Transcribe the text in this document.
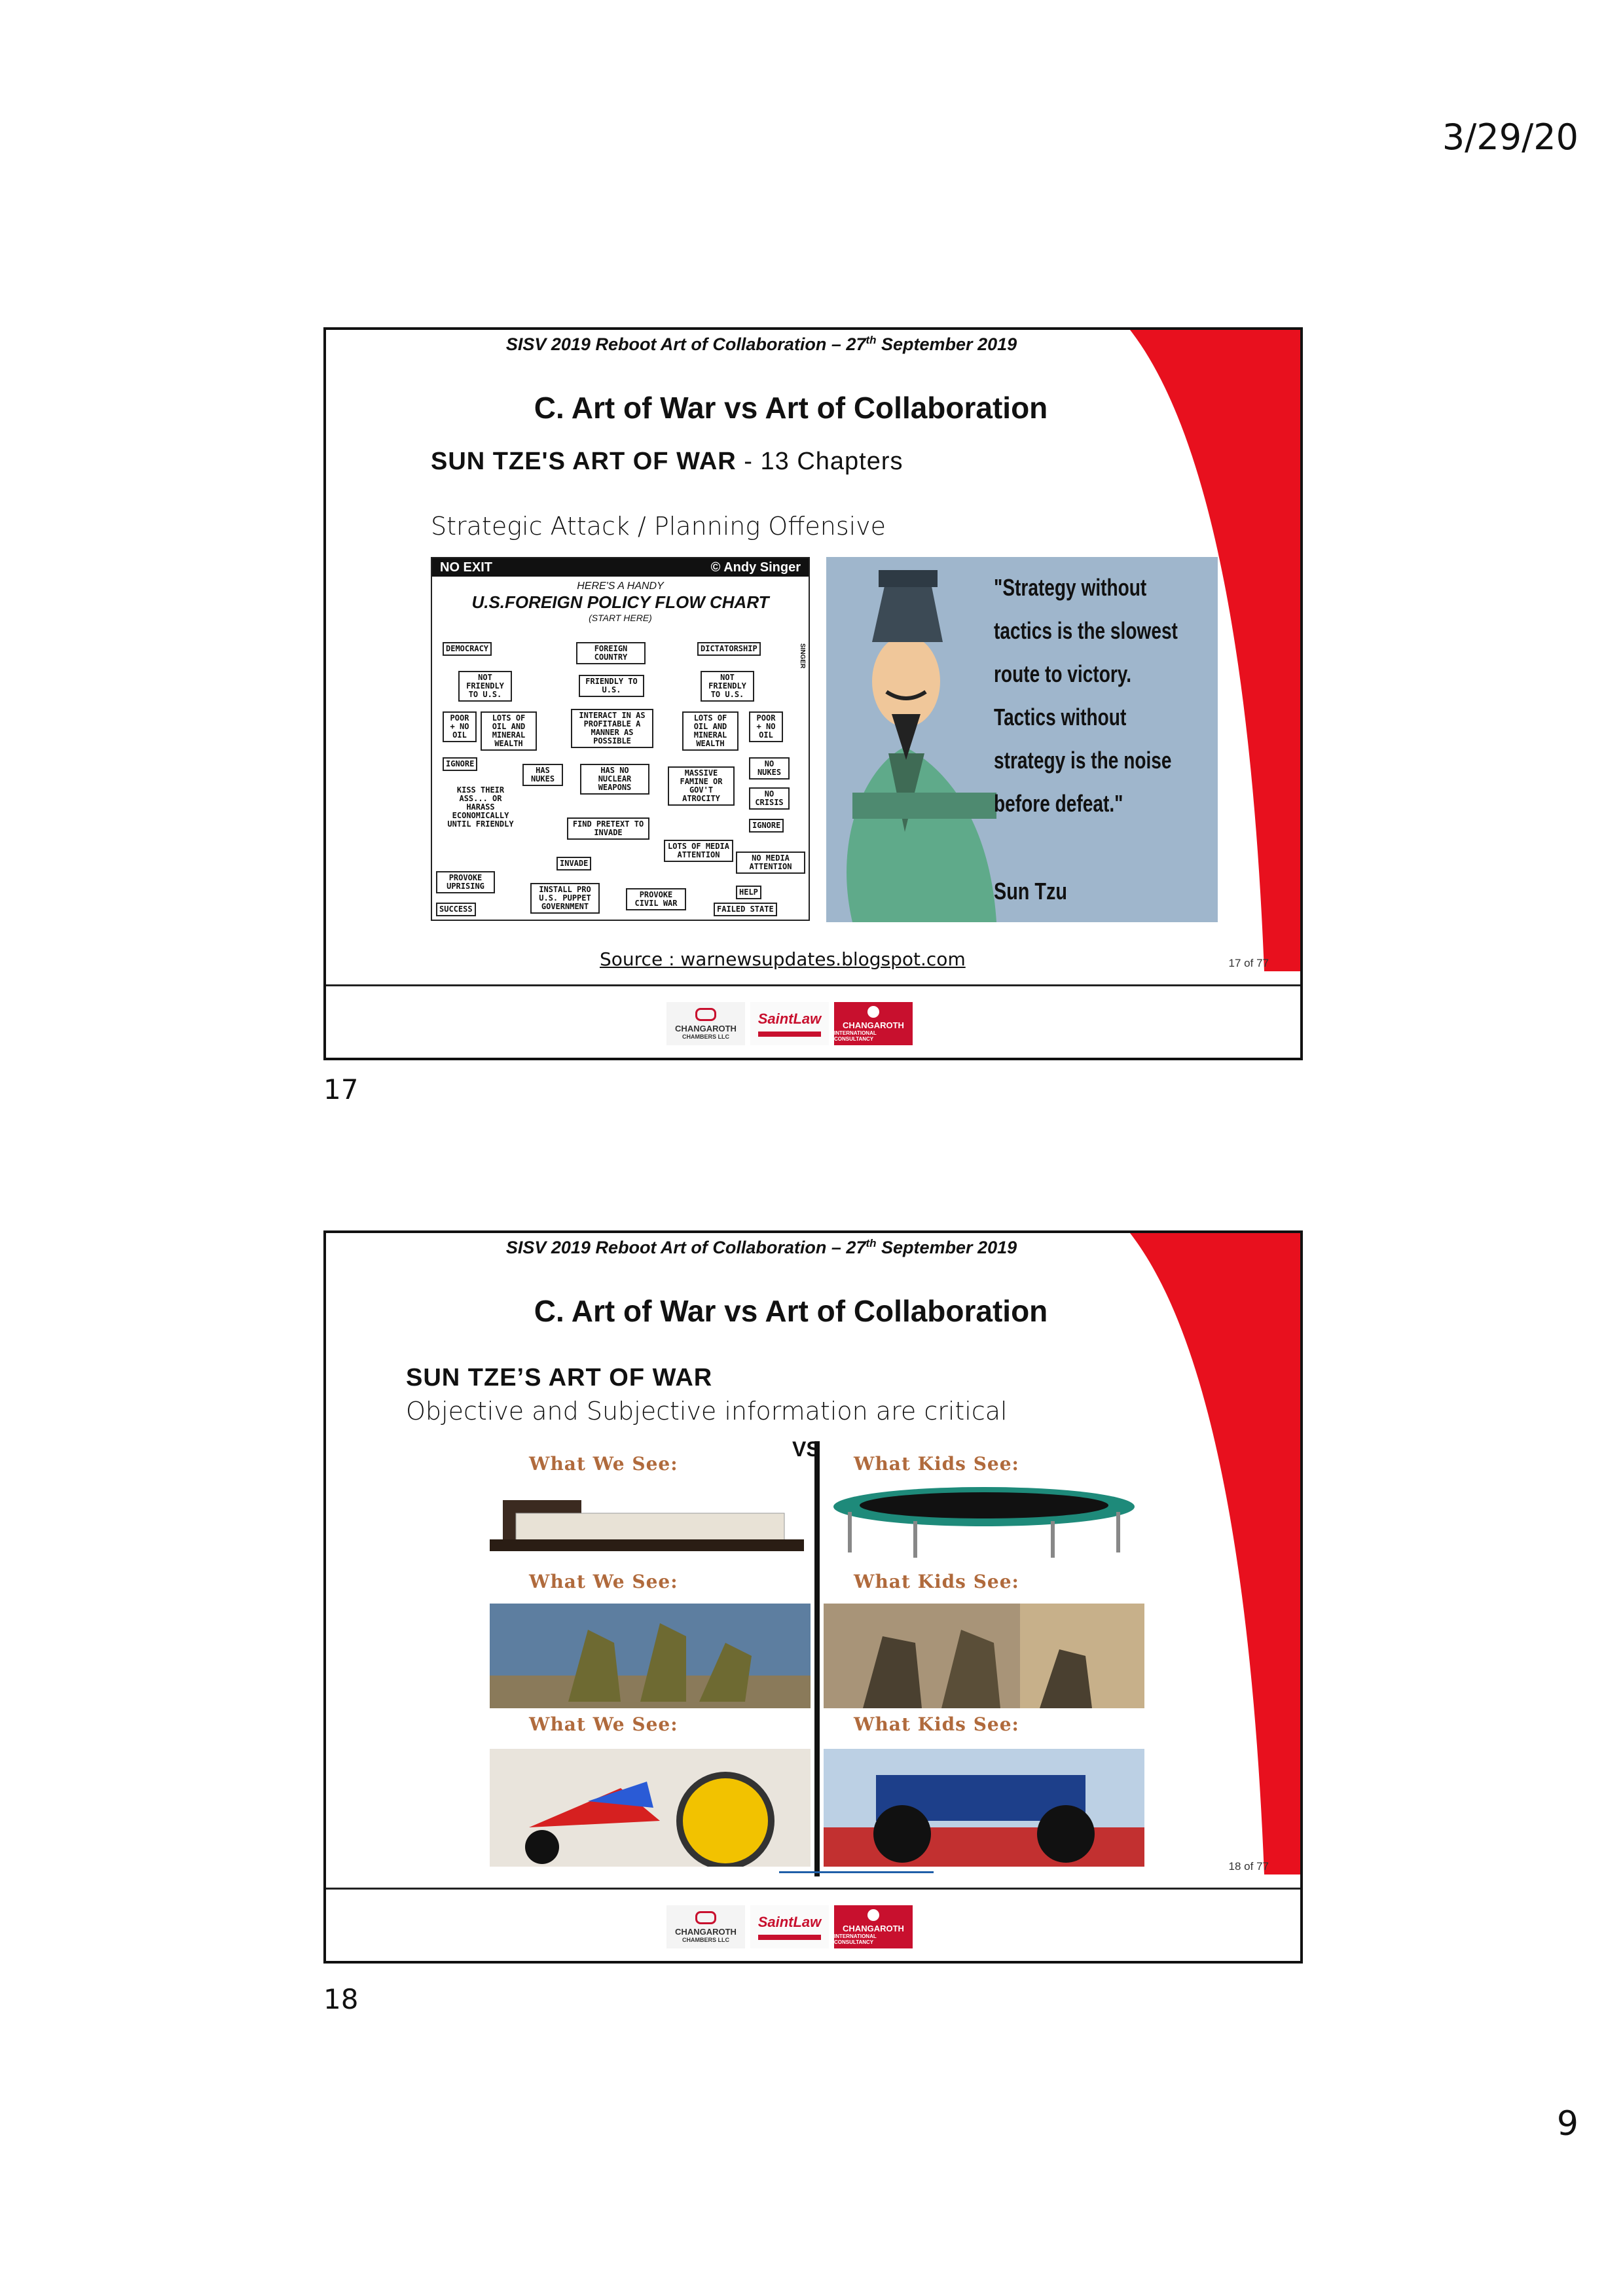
3/29/20
SISV 2019 Reboot Art of Collaboration – 27th September 2019
C. Art of War vs Art of Collaboration
SUN TZE'S ART OF WAR - 13 Chapters
Strategic Attack / Planning Offensive
NO EXIT	© Andy Singer
HERE'S A HANDY
U.S.FOREIGN POLICY FLOW CHART
(START HERE)
SINGER
DEMOCRACY	FOREIGN COUNTRY
DICTATORSHIP
NOT FRIENDLY TO U.S.
FRIENDLY TO U.S.
NOT FRIENDLY TO U.S.
POOR + NO OIL
LOTS OF OIL AND MINERAL WEALTH
INTERACT IN AS PROFITABLE A MANNER AS POSSIBLE
LOTS OF OIL AND MINERAL WEALTH
POOR + NO OIL
IGNORE
HAS NUKES
HAS NO NUCLEAR WEAPONS
MASSIVE FAMINE OR GOV'T ATROCITY
NO NUKES
NO CRISIS
KISS THEIR ASS... OR HARASS ECONOMICALLY UNTIL FRIENDLY	FIND PRETEXT TO INVADE
IGNORE
INVADE
LOTS OF MEDIA ATTENTION	NO MEDIA ATTENTION
PROVOKE UPRISING	INSTALL PRO U.S. PUPPET GOVERNMENT
PROVOKE CIVIL WAR
HELP
SUCCESS	FAILED STATE
"Strategy without
tactics is the slowest
route to victory.
Tactics without
strategy is the noise
before defeat."
Sun Tzu
Source : warnewsupdates.blogspot.com	17 of 77
CHANGAROTH
CHAMBERS LLC
SaintLaw	CHANGAROTH
INTERNATIONAL CONSULTANCY
17
SISV 2019 Reboot Art of Collaboration – 27th September 2019
C. Art of War vs Art of Collaboration
SUN TZE’S ART OF WAR
Objective and Subjective information are critical
VS
What We See:	What Kids See:
What We See:	What Kids See:
What We See:	What Kids See:
18 of 77
CHANGAROTH
CHAMBERS LLC
SaintLaw	CHANGAROTH
INTERNATIONAL CONSULTANCY
18
9
